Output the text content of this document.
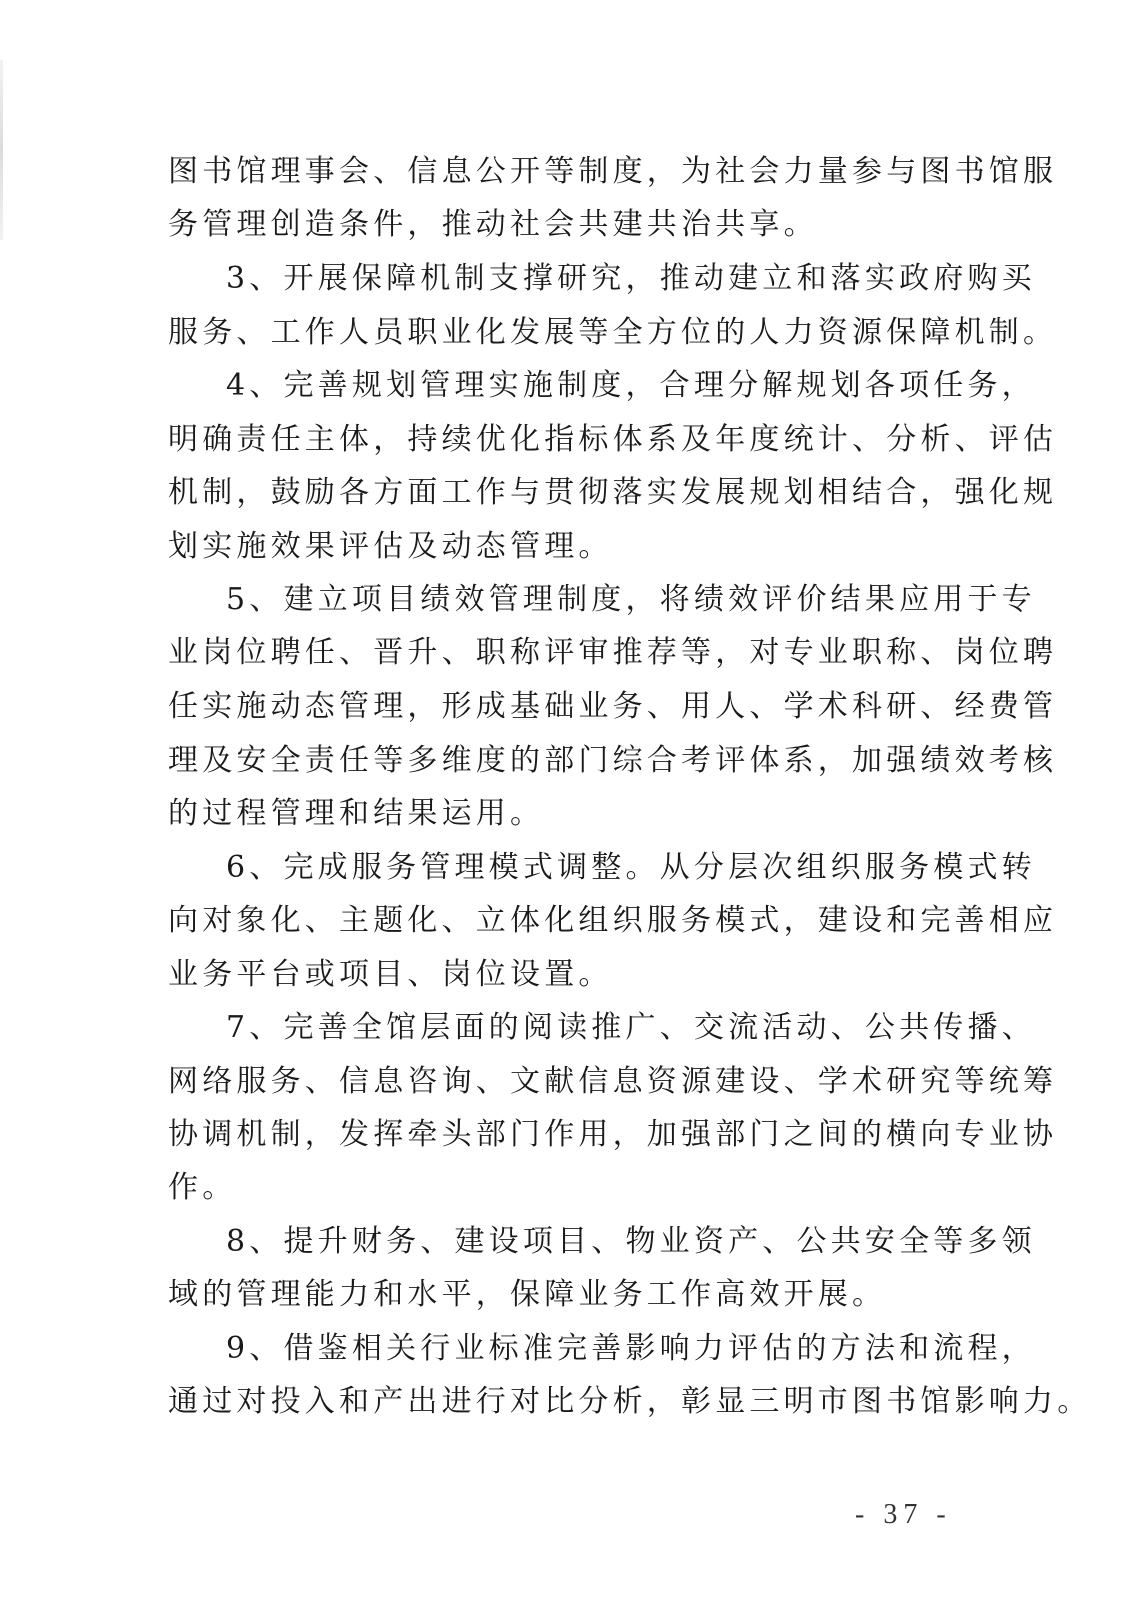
图书馆理事会、信息公开等制度，为社会力量参与图书馆服
务管理创造条件，推动社会共建共治共享。
3、开展保障机制支撑研究，推动建立和落实政府购买
服务、工作人员职业化发展等全方位的人力资源保障机制。
4、完善规划管理实施制度，合理分解规划各项任务，
明确责任主体，持续优化指标体系及年度统计、分析、评估
机制，鼓励各方面工作与贯彻落实发展规划相结合，强化规
划实施效果评估及动态管理。
5、建立项目绩效管理制度，将绩效评价结果应用于专
业岗位聘任、晋升、职称评审推荐等，对专业职称、岗位聘
任实施动态管理，形成基础业务、用人、学术科研、经费管
理及安全责任等多维度的部门综合考评体系，加强绩效考核
的过程管理和结果运用。
6、完成服务管理模式调整。从分层次组织服务模式转
向对象化、主题化、立体化组织服务模式，建设和完善相应
业务平台或项目、岗位设置。
7、完善全馆层面的阅读推广、交流活动、公共传播、
网络服务、信息咨询、文献信息资源建设、学术研究等统筹
协调机制，发挥牵头部门作用，加强部门之间的横向专业协
作。
8、提升财务、建设项目、物业资产、公共安全等多领
域的管理能力和水平，保障业务工作高效开展。
9、借鉴相关行业标准完善影响力评估的方法和流程，
通过对投入和产出进行对比分析，彰显三明市图书馆影响力。
- 37 -
